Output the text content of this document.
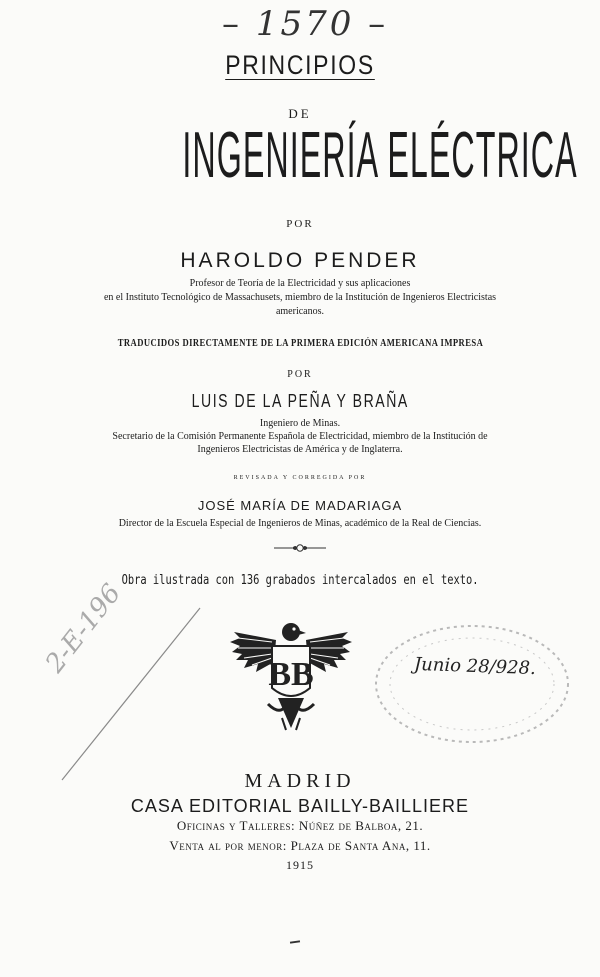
– 1570 –
PRINCIPIOS
DE
INGENIERÍA ELÉCTRICA
POR
HAROLDO PENDER
Profesor de Teoría de la Electricidad y sus aplicaciones
en el Instituto Tecnológico de Massachusets, miembro de la Institución de Ingenieros Electricistas
americanos.
TRADUCIDOS DIRECTAMENTE DE LA PRIMERA EDICIÓN AMERICANA IMPRESA
POR
LUIS DE LA PEÑA Y BRAÑA
Ingeniero de Minas.
Secretario de la Comisión Permanente Española de Electricidad, miembro de la Institución de
Ingenieros Electricistas de América y de Inglaterra.
REVISADA Y CORREGIDA POR
JOSÉ MARÍA DE MADARIAGA
Director de la Escuela Especial de Ingenieros de Minas, académico de la Real de Ciencias.
Obra ilustrada con 136 grabados intercalados en el texto.
2-E-196	BB	Junio 28/928.
MADRID
CASA EDITORIAL BAILLY-BAILLIERE
Oficinas y Talleres: Núñez de Balboa, 21.
Venta al por menor: Plaza de Santa Ana, 11.
1915
